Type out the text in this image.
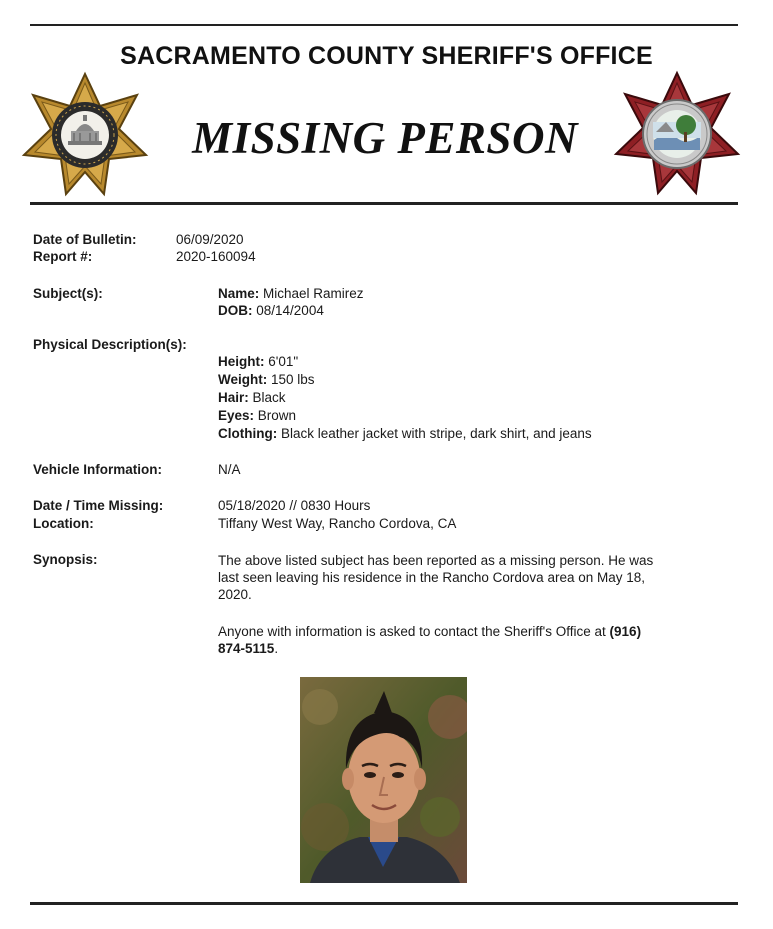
SACRAMENTO COUNTY SHERIFF'S OFFICE
MISSING PERSON
Date of Bulletin:	06/09/2020
Report #:	2020-160094
Subject(s):	Name: Michael Ramirez
DOB: 08/14/2004
Physical Description(s):
Height: 6'01"
Weight: 150 lbs
Hair: Black
Eyes: Brown
Clothing: Black leather jacket with stripe, dark shirt, and jeans
Vehicle Information:	N/A
Date / Time Missing:	05/18/2020 // 0830 Hours
Location:	Tiffany West Way, Rancho Cordova, CA
Synopsis:	The above listed subject has been reported as a missing person. He was
last seen leaving his residence in the Rancho Cordova area on May 18,
2020.
Anyone with information is asked to contact the Sheriff's Office at (916)
874-5115.
